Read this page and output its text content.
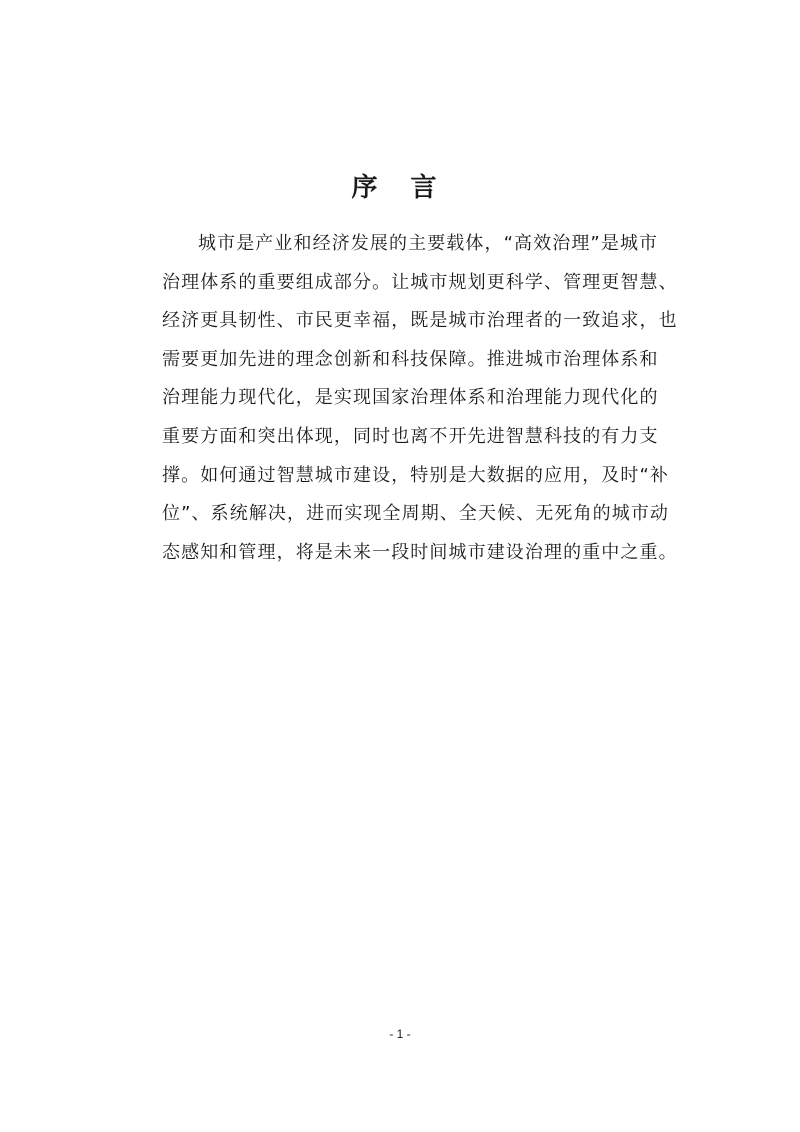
序 言
城市是产业和经济发展的主要载体，“高效治理”是城市
治理体系的重要组成部分。让城市规划更科学、管理更智慧、
经济更具韧性、市民更幸福，既是城市治理者的一致追求，也
需要更加先进的理念创新和科技保障。推进城市治理体系和
治理能力现代化，是实现国家治理体系和治理能力现代化的
重要方面和突出体现，同时也离不开先进智慧科技的有力支
撑。如何通过智慧城市建设，特别是大数据的应用，及时“补
位”、系统解决，进而实现全周期、全天候、无死角的城市动
态感知和管理，将是未来一段时间城市建设治理的重中之重。
- 1 -
